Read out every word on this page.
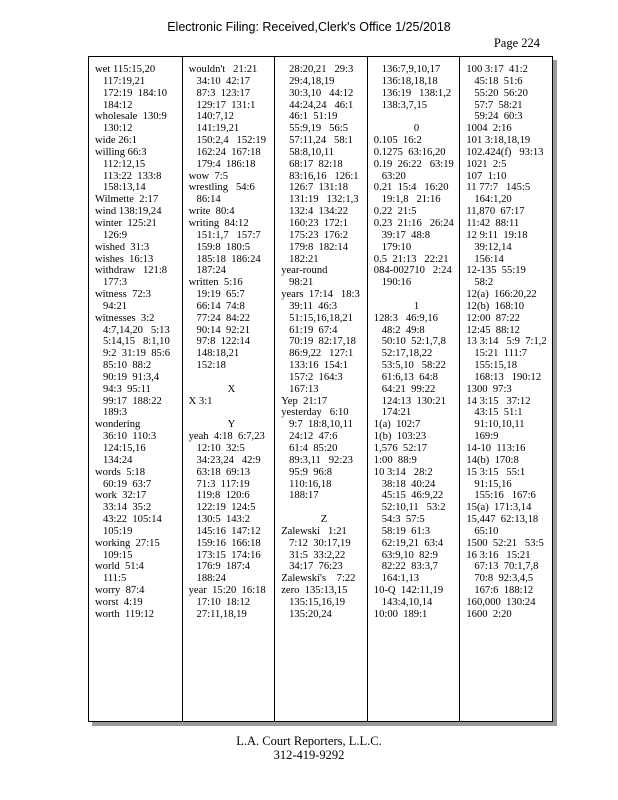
Electronic Filing: Received,Clerk's Office 1/25/2018
Page 224
wet 115:15,20
117:19,21
172:19  184:10
184:12
wholesale  130:9
130:12
wide 26:1
willing 66:3
112:12,15
113:22  133:8
158:13,14
Wilmette  2:17
wind 138:19,24
winter  125:21
126:9
wished  31:3
wishes  16:13
withdraw   121:8
177:3
witness  72:3
94:21
witnesses  3:2
4:7,14,20   5:13
5:14,15   8:1,10
9:2  31:19  85:6
85:10  88:2
90:19  91:3,4
94:3  95:11
99:17  188:22
189:3
wondering
36:10  110:3
124:15,16
134:24
words  5:18
60:19  63:7
work  32:17
33:14  35:2
43:22  105:14
105:19
working  27:15
109:15
world  51:4
111:5
worry  87:4
worst  4:19
worth  119:12
wouldn't   21:21
34:10  42:17
87:3  123:17
129:17  131:1
140:7,12
141:19,21
150:2,4   152:19
162:24  167:18
179:4  186:18
wow  7:5
wrestling   54:6
86:14
write  80:4
writing  84:12
151:1,7   157:7
159:8  180:5
185:18  186:24
187:24
written  5:16
19:19  65:7
66:14  74:8
77:24  84:22
90:14  92:21
97:8  122:14
148:18,21
152:18

X
X 3:1

Y
yeah  4:18  6:7,23
12:10  32:5
34:23,24   42:9
63:18  69:13
71:3  117:19
119:8  120:6
122:19  124:5
130:5  143:2
145:16  147:12
159:16  166:18
173:15  174:16
176:9  187:4
188:24
year  15:20  16:18
17:10  18:12
27:11,18,19
28:20,21   29:3
29:4,18,19
30:3,10   44:12
44:24,24   46:1
46:1  51:19
55:9,19   56:5
57:11,24   58:1
58:8,10,11
68:17  82:18
83:16,16   126:1
126:7  131:18
131:19   132:1,3
132:4  134:22
160:23  172:1
175:23  176:2
179:8  182:14
182:21
year-round
98:21
years  17:14   18:3
39:11  46:3
51:15,16,18,21
61:19  67:4
70:19  82:17,18
86:9,22   127:1
133:16  154:1
157:2  164:3
167:13
Yep  21:17
yesterday   6:10
9:7  18:8,10,11
24:12  47:6
61:4  85:20
89:3,11   92:23
95:9  96:8
110:16,18
188:17

Z
Zalewski   1:21
7:12  30:17,19
31:5  33:2,22
34:17  76:23
Zalewski's    7:22
zero  135:13,15
135:15,16,19
135:20,24
136:7,9,10,17
136:18,18,18
136:19   138:1,2
138:3,7,15

0
0.105  16:2
0.1275  63:16,20
0.19  26:22   63:19
63:20
0.21  15:4   16:20
19:1,8   21:16
0.22  21:5
0.23  21:16   26:24
39:17  48:8
179:10
0.5  21:13   22:21
084-002710   2:24
190:16

1
128:3   46:9,16
48:2  49:8
50:10  52:1,7,8
52:17,18,22
53:5,10   58:22
61:6,13  64:8
64:21  99:22
124:13  130:21
174:21
1(a)  102:7
1(b)  103:23
1,576  52:17
1:00  88:9
10 3:14   28:2
38:18  40:24
45:15  46:9,22
52:10,11   53:2
54:3  57:5
58:19  61:3
62:19,21  63:4
63:9,10  82:9
82:22  83:3,7
164:1,13
10-Q  142:11,19
143:4,10,14
10:00  189:1
100 3:17  41:2
45:18  51:6
55:20  56:20
57:7  58:21
59:24  60:3
1004  2:16
101 3:18,18,19
102.424(f)   93:13
1021  2:5
107  1:10
11 77:7   145:5
164:1,20
11,870  67:17
11:42  88:11
12 9:11  19:18
39:12,14
156:14
12-135  55:19
58:2
12(a)  166:20,22
12(b)  168:10
12:00  87:22
12:45  88:12
13 3:14   5:9  7:1,2
15:21  111:7
155:15,18
168:13   190:12
1300  97:3
14 3:15   37:12
43:15  51:1
91:10,10,11
169:9
14-10  113:16
14(b)  170:8
15 3:15   55:1
91:15,16
155:16   167:6
15(a)  171:3,14
15,447  62:13,18
65:10
1500  52:21   53:5
16 3:16   15:21
67:13  70:1,7,8
70:8  92:3,4,5
167:6  188:12
160,000  130:24
1600  2:20
L.A. Court Reporters, L.L.C.
312-419-9292
